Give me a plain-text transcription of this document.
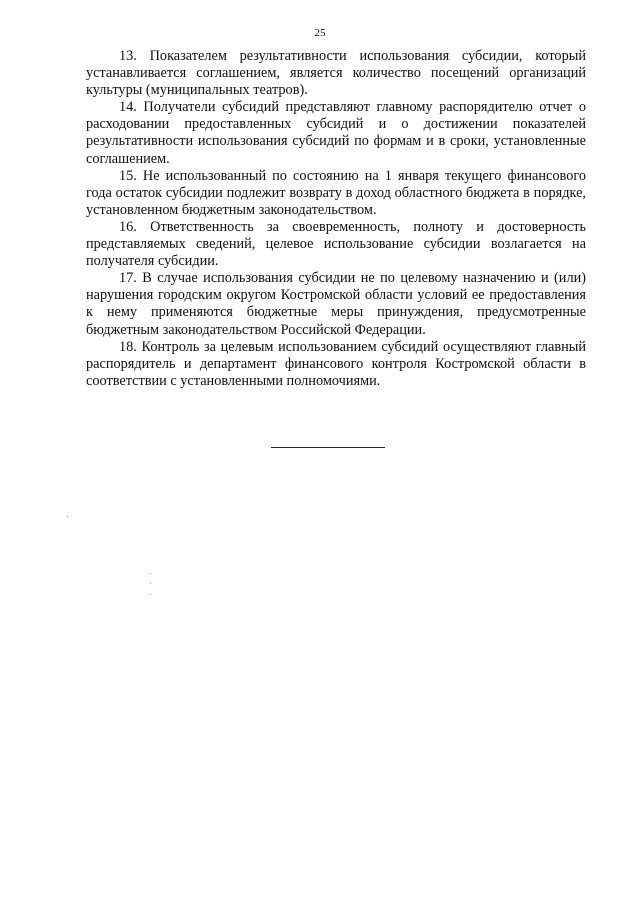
25

13. Показателем результативности использования субсидии, который устанавливается соглашением, является количество посещений организаций культуры (муниципальных театров).

14. Получатели субсидий представляют главному распорядителю отчет о расходовании предоставленных субсидий и о достижении показателей результативности использования субсидий по формам и в сроки, установленные соглашением.

15. Не использованный по состоянию на 1 января текущего финансового года остаток субсидии подлежит возврату в доход областного бюджета в порядке, установленном бюджетным законодательством.

16. Ответственность за своевременность, полноту и достоверность представляемых сведений, целевое использование субсидии возлагается на получателя субсидии.

17. В случае использования субсидии не по целевому назначению и (или) нарушения городским округом Костромской области условий ее предоставления к нему применяются бюджетные меры принуждения, предусмотренные бюджетным законодательством Российской Федерации.

18. Контроль за целевым использованием субсидий осуществляют главный распорядитель и департамент финансового контроля Костромской области в соответствии с установленными полномочиями.
